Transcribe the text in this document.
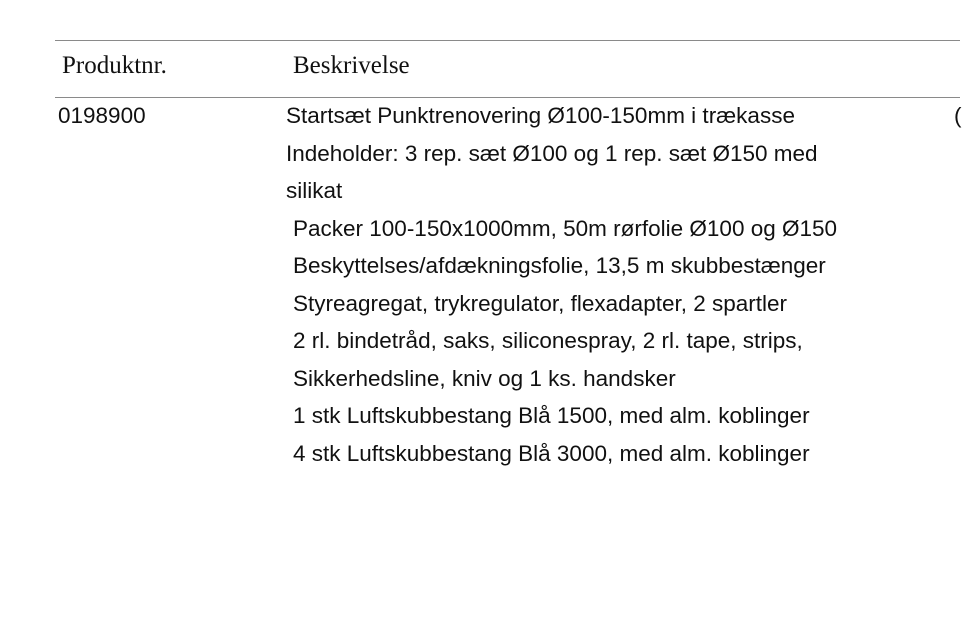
Produktnr.	Beskrivelse
0198900	Startsæt Punktrenovering Ø100-150mm i trækasse
Indeholder: 3 rep. sæt Ø100 og 1 rep. sæt Ø150 med
silikat
Packer 100-150x1000mm, 50m rørfolie Ø100 og Ø150
Beskyttelses/afdækningsfolie, 13,5 m skubbestænger
Styreagregat, trykregulator, flexadapter, 2 spartler
2 rl. bindetråd, saks, siliconespray, 2 rl. tape, strips,
Sikkerhedsline, kniv og 1 ks. handsker
1 stk Luftskubbestang Blå 1500, med alm. koblinger
4 stk Luftskubbestang Blå 3000, med alm. koblinger
(
